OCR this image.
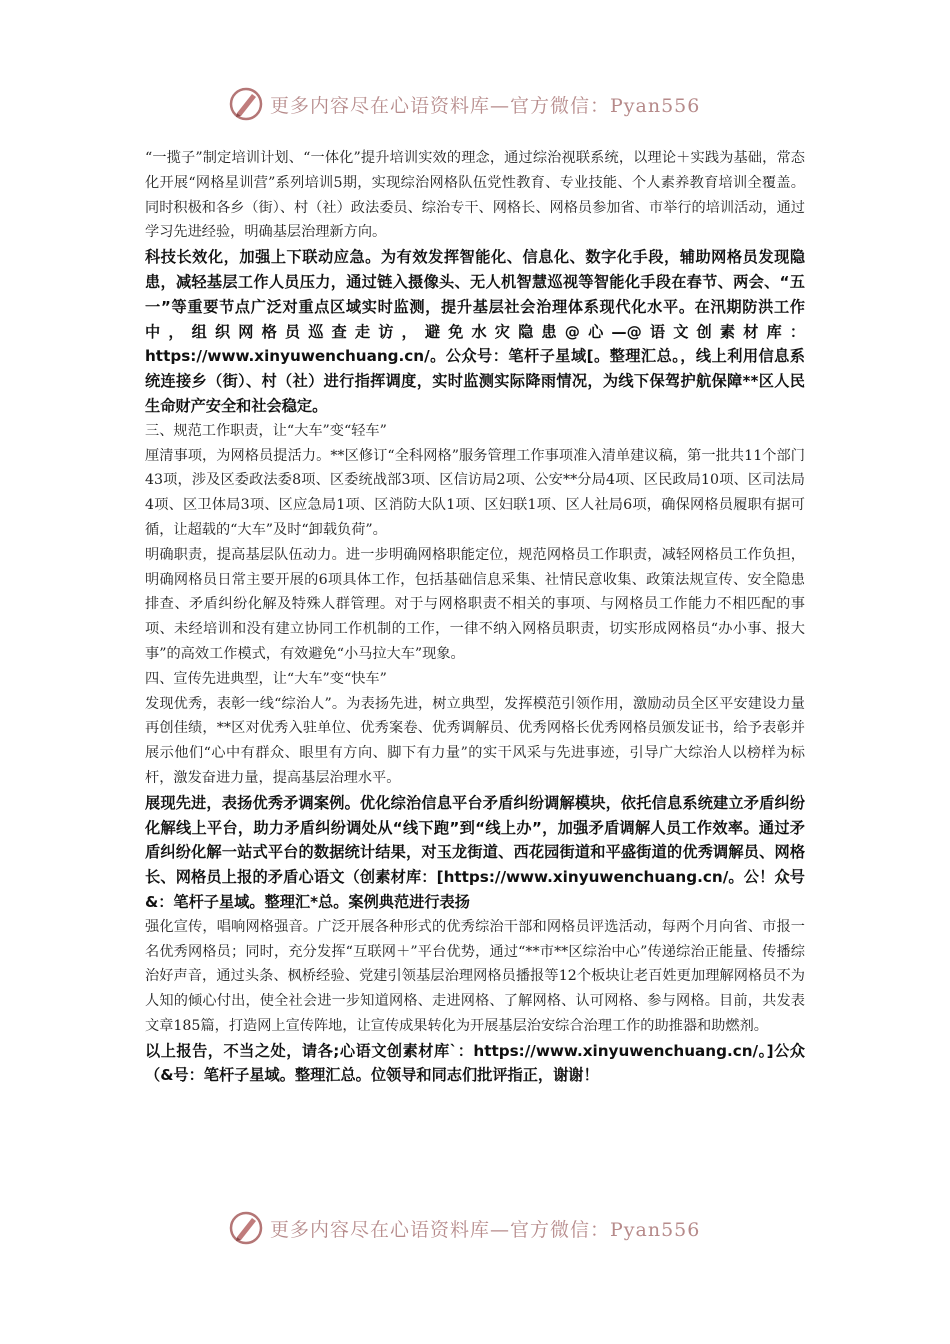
更多内容尽在心语资料库—官方微信：Pyan556

“一揽子”制定培训计划、“一体化”提升培训实效的理念，通过综治视联系统，以理论＋实践为基础，常态化开展“网格星训营”系列培训5期，实现综治网格队伍党性教育、专业技能、个人素养教育培训全覆盖。同时积极和各乡（街）、村（社）政法委员、综治专干、网格长、网格员参加省、市举行的培训活动，通过学习先进经验，明确基层治理新方向。

科技长效化，加强上下联动应急。为有效发挥智能化、信息化、数字化手段，辅助网格员发现隐患，减轻基层工作人员压力，通过链入摄像头、无人机智慧巡视等智能化手段在春节、两会、“五一”等重要节点广泛对重点区域实时监测，提升基层社会治理体系现代化水平。在汛期防洪工作中，组织网格员巡查走访，避免水灾隐患@心—@语文创素材库：https://www.xinyuwenchuang.cn/。公众号：笔杆子星域[。整理汇总。，线上利用信息系统连接乡（街）、村（社）进行指挥调度，实时监测实际降雨情况，为线下保驾护航保障**区人民生命财产安全和社会稳定。

三、规范工作职责，让“大车”变“轻车”

厘清事项，为网格员提活力。**区修订“全科网格”服务管理工作事项准入清单建议稿，第一批共11个部门43项，涉及区委政法委8项、区委统战部3项、区信访局2项、公安**分局4项、区民政局10项、区司法局4项、区卫体局3项、区应急局1项、区消防大队1项、区妇联1项、区人社局6项，确保网格员履职有据可循，让超载的“大车”及时“卸载负荷”。

明确职责，提高基层队伍动力。进一步明确网格职能定位，规范网格员工作职责，减轻网格员工作负担，明确网格员日常主要开展的6项具体工作，包括基础信息采集、社情民意收集、政策法规宣传、安全隐患排查、矛盾纠纷化解及特殊人群管理。对于与网格职责不相关的事项、与网格员工作能力不相匹配的事项、未经培训和没有建立协同工作机制的工作，一律不纳入网格员职责，切实形成网格员“办小事、报大事”的高效工作模式，有效避免“小马拉大车”现象。

四、宣传先进典型，让“大车”变“快车”

发现优秀，表彰一线“综治人”。为表扬先进，树立典型，发挥模范引领作用，激励动员全区平安建设力量再创佳绩，**区对优秀入驻单位、优秀案卷、优秀调解员、优秀网格长优秀网格员颁发证书，给予表彰并展示他们“心中有群众、眼里有方向、脚下有力量”的实干风采与先进事迹，引导广大综治人以榜样为标杆，激发奋进力量，提高基层治理水平。

展现先进，表扬优秀矛调案例。优化综治信息平台矛盾纠纷调解模块，依托信息系统建立矛盾纠纷化解线上平台，助力矛盾纠纷调处从“线下跑”到“线上办”，加强矛盾调解人员工作效率。通过矛盾纠纷化解一站式平台的数据统计结果，对玉龙街道、西花园街道和平盛街道的优秀调解员、网格长、网格员上报的矛盾心语文（创素材库：[https://www.xinyuwenchuang.cn/。公！众号&：笔杆子星域。整理汇*总。案例典范进行表扬

强化宣传，唱响网格强音。广泛开展各种形式的优秀综治干部和网格员评选活动，每两个月向省、市报一名优秀网格员；同时，充分发挥“互联网＋”平台优势，通过“**市**区综治中心”传递综治正能量、传播综治好声音，通过头条、枫桥经验、党建引领基层治理网格员播报等12个板块让老百姓更加理解网格员不为人知的倾心付出，使全社会进一步知道网格、走进网格、了解网格、认可网格、参与网格。目前，共发表文章185篇，打造网上宣传阵地，让宣传成果转化为开展基层治安综合治理工作的助推器和助燃剂。

以上报告，不当之处，请各;心语文创素材库`：https://www.xinyuwenchuang.cn/。]公众（&号：笔杆子星域。整理汇总。位领导和同志们批评指正，谢谢！

更多内容尽在心语资料库—官方微信：Pyan556
